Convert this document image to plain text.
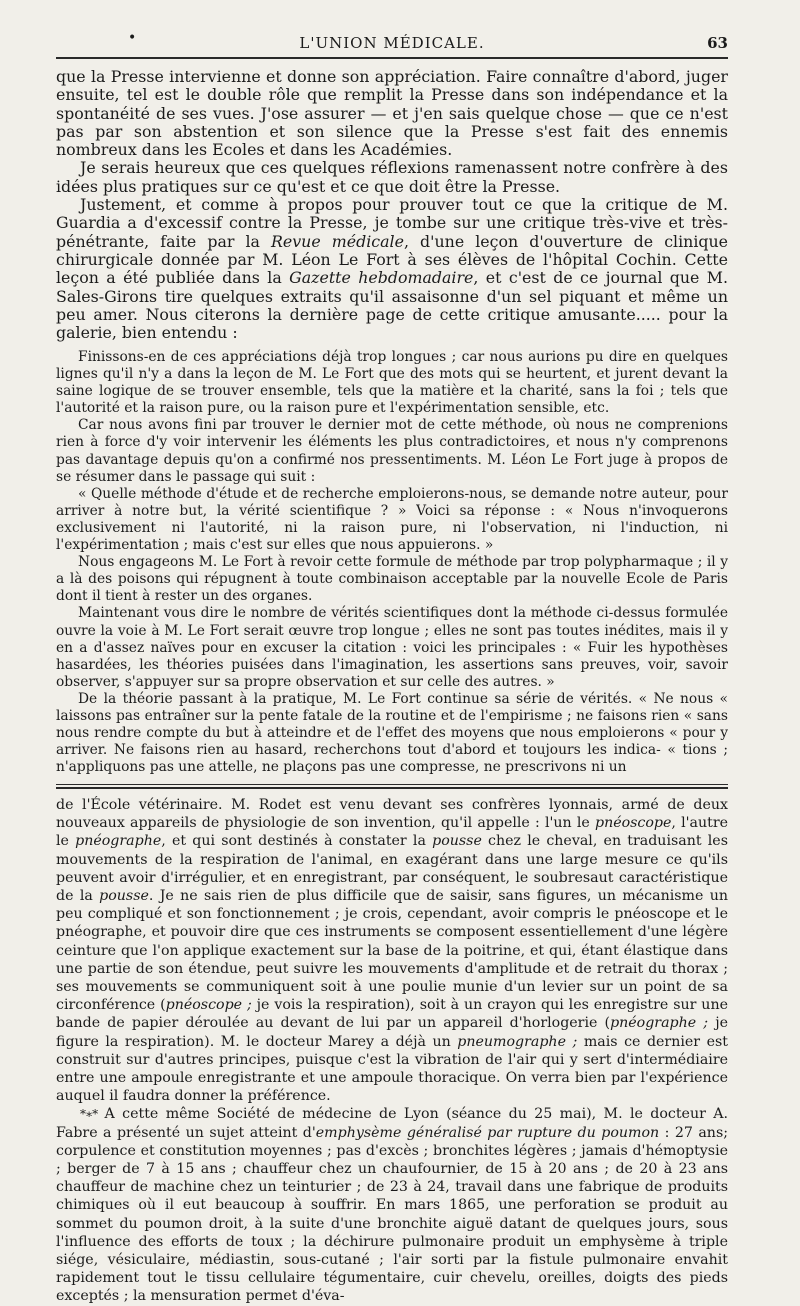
•	L'UNION MÉDICALE.	63

que la Presse intervienne et donne son appréciation. Faire connaître d'abord, juger ensuite, tel est le double rôle que remplit la Presse dans son indépendance et la spontanéité de ses vues. J'ose assurer — et j'en sais quelque chose — que ce n'est pas par son abstention et son silence que la Presse s'est fait des ennemis nombreux dans les Ecoles et dans les Académies.

Je serais heureux que ces quelques réflexions ramenassent notre confrère à des idées plus pratiques sur ce qu'est et ce que doit être la Presse.

Justement, et comme à propos pour prouver tout ce que la critique de M. Guardia a d'excessif contre la Presse, je tombe sur une critique très-vive et très-pénétrante, faite par la Revue médicale, d'une leçon d'ouverture de clinique chirurgicale donnée par M. Léon Le Fort à ses élèves de l'hôpital Cochin. Cette leçon a été publiée dans la Gazette hebdomadaire, et c'est de ce journal que M. Sales-Girons tire quelques extraits qu'il assaisonne d'un sel piquant et même un peu amer. Nous citerons la dernière page de cette critique amusante..... pour la galerie, bien entendu :

Finissons-en de ces appréciations déjà trop longues ; car nous aurions pu dire en quelques lignes qu'il n'y a dans la leçon de M. Le Fort que des mots qui se heurtent, et jurent devant la saine logique de se trouver ensemble, tels que la matière et la charité, sans la foi ; tels que l'autorité et la raison pure, ou la raison pure et l'expérimentation sensible, etc.

Car nous avons fini par trouver le dernier mot de cette méthode, où nous ne comprenions rien à force d'y voir intervenir les éléments les plus contradictoires, et nous n'y comprenons pas davantage depuis qu'on a confirmé nos pressentiments. M. Léon Le Fort juge à propos de se résumer dans le passage qui suit :

« Quelle méthode d'étude et de recherche emploierons-nous, se demande notre auteur, pour arriver à notre but, la vérité scientifique ? » Voici sa réponse : « Nous n'invoquerons exclusivement ni l'autorité, ni la raison pure, ni l'observation, ni l'induction, ni l'expérimentation ; mais c'est sur elles que nous appuierons. »

Nous engageons M. Le Fort à revoir cette formule de méthode par trop polypharmaque ; il y a là des poisons qui répugnent à toute combinaison acceptable par la nouvelle Ecole de Paris dont il tient à rester un des organes.

Maintenant vous dire le nombre de vérités scientifiques dont la méthode ci-dessus formulée ouvre la voie à M. Le Fort serait œuvre trop longue ; elles ne sont pas toutes inédites, mais il y en a d'assez naïves pour en excuser la citation : voici les principales : « Fuir les hypothèses hasardées, les théories puisées dans l'imagination, les assertions sans preuves, voir, savoir observer, s'appuyer sur sa propre observation et sur celle des autres. »

De la théorie passant à la pratique, M. Le Fort continue sa série de vérités. « Ne nous « laissons pas entraîner sur la pente fatale de la routine et de l'empirisme ; ne faisons rien « sans nous rendre compte du but à atteindre et de l'effet des moyens que nous emploierons « pour y arriver. Ne faisons rien au hasard, recherchons tout d'abord et toujours les indica- « tions ; n'appliquons pas une attelle, ne plaçons pas une compresse, ne prescrivons ni un

de l'École vétérinaire. M. Rodet est venu devant ses confrères lyonnais, armé de deux nouveaux appareils de physiologie de son invention, qu'il appelle : l'un le pnéoscope, l'autre le pnéographe, et qui sont destinés à constater la pousse chez le cheval, en traduisant les mouvements de la respiration de l'animal, en exagérant dans une large mesure ce qu'ils peuvent avoir d'irrégulier, et en enregistrant, par conséquent, le soubresaut caractéristique de la pousse. Je ne sais rien de plus difficile que de saisir, sans figures, un mécanisme un peu compliqué et son fonctionnement ; je crois, cependant, avoir compris le pnéoscope et le pnéographe, et pouvoir dire que ces instruments se composent essentiellement d'une légère ceinture que l'on applique exactement sur la base de la poitrine, et qui, étant élastique dans une partie de son étendue, peut suivre les mouvements d'amplitude et de retrait du thorax ; ses mouvements se communiquent soit à une poulie munie d'un levier sur un point de sa circonférence (pnéoscope ; je vois la respiration), soit à un crayon qui les enregistre sur une bande de papier déroulée au devant de lui par un appareil d'horlogerie (pnéographe ; je figure la respiration). M. le docteur Marey a déjà un pneumographe ; mais ce dernier est construit sur d'autres principes, puisque c'est la vibration de l'air qui y sert d'intermédiaire entre une ampoule enregistrante et une ampoule thoracique. On verra bien par l'expérience auquel il faudra donner la préférence.

*∗* A cette même Société de médecine de Lyon (séance du 25 mai), M. le docteur A. Fabre a présenté un sujet atteint d'emphysème généralisé par rupture du poumon : 27 ans; corpulence et constitution moyennes ; pas d'excès ; bronchites légères ; jamais d'hémoptysie ; berger de 7 à 15 ans ; chauffeur chez un chaufournier, de 15 à 20 ans ; de 20 à 23 ans chauffeur de machine chez un teinturier ; de 23 à 24, travail dans une fabrique de produits chimiques où il eut beaucoup à souffrir. En mars 1865, une perforation se produit au sommet du poumon droit, à la suite d'une bronchite aiguë datant de quelques jours, sous l'influence des efforts de toux ; la déchirure pulmonaire produit un emphysème à triple siége, vésiculaire, médiastin, sous-cutané ; l'air sorti par la fistule pulmonaire envahit rapidement tout le tissu cellulaire tégumentaire, cuir chevelu, oreilles, doigts des pieds exceptés ; la mensuration permet d'éva-
